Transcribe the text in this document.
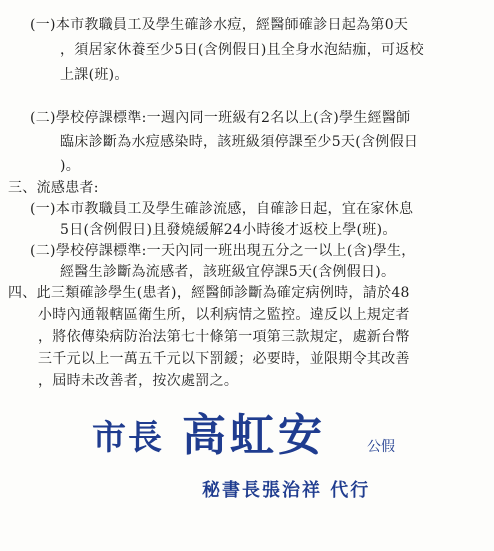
(一)本市教職員工及學生確診水痘，經醫師確診日起為第0天
，須居家休養至少5日(含例假日)且全身水泡結痂，可返校
上課(班)。
(二)學校停課標準:一週內同一班級有2名以上(含)學生經醫師
臨床診斷為水痘感染時，該班級須停課至少5天(含例假日
)。
三、流感患者:
(一)本市教職員工及學生確診流感，自確診日起，宜在家休息
5日(含例假日)且發燒緩解24小時後才返校上學(班)。
(二)學校停課標準:一天內同一班出現五分之一以上(含)學生，
經醫生診斷為流感者，該班級宜停課5天(含例假日)。
四、此三類確診學生(患者)，經醫師診斷為確定病例時，請於48
小時內通報轄區衛生所，以利病情之監控。違反以上規定者
，將依傳染病防治法第七十條第一項第三款規定，處新台幣
三千元以上一萬五千元以下罰鍰；必要時，並限期令其改善
，屆時未改善者，按次處罰之。
市長 高虹安	公假
秘書長張治祥 代行
